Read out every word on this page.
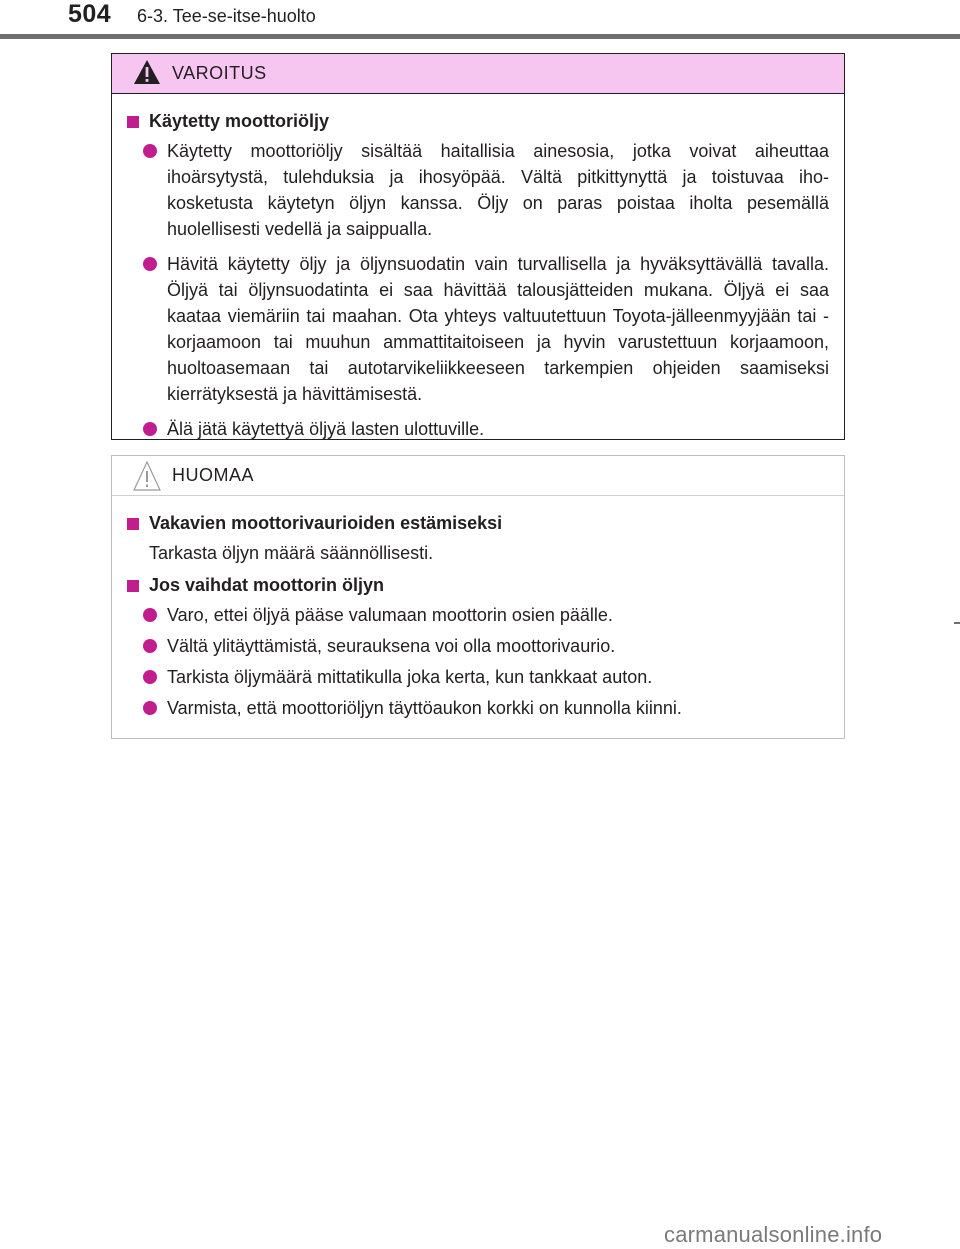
504 6-3. Tee-se-itse-huolto
VAROITUS
Käytetty moottoriöljy
Käytetty moottoriöljy sisältää haitallisia ainesosia, jotka voivat aiheuttaa ihoärsytystä, tulehduksia ja ihosyöpää. Vältä pitkittynyttä ja toistuvaa iho-kosketusta käytetyn öljyn kanssa. Öljy on paras poistaa iholta pesemällä huolellisesti vedellä ja saippualla.
Hävitä käytetty öljy ja öljynsuodatin vain turvallisella ja hyväksyttävällä tavalla. Öljyä tai öljynsuodatinta ei saa hävittää talousjätteiden mukana. Öljyä ei saa kaataa viemäriin tai maahan. Ota yhteys valtuutettuun Toyota-jälleenmyyjään tai -korjaamoon tai muuhun ammattitaitoiseen ja hyvin varustettuun korjaamoon, huoltoasemaan tai autotarvikeliikkeeseen tarkempien ohjeiden saamiseksi kierrätyksestä ja hävittämisestä.
Älä jätä käytettyä öljyä lasten ulottuville.
HUOMAA
Vakavien moottorivaurioiden estämiseksi
Tarkasta öljyn määrä säännöllisesti.
Jos vaihdat moottorin öljyn
Varo, ettei öljyä pääse valumaan moottorin osien päälle.
Vältä ylitäyttämistä, seurauksena voi olla moottorivaurio.
Tarkista öljymäärä mittatikulla joka kerta, kun tankkaat auton.
Varmista, että moottoriöljyn täyttöaukon korkki on kunnolla kiinni.
carmanualsonline.info
